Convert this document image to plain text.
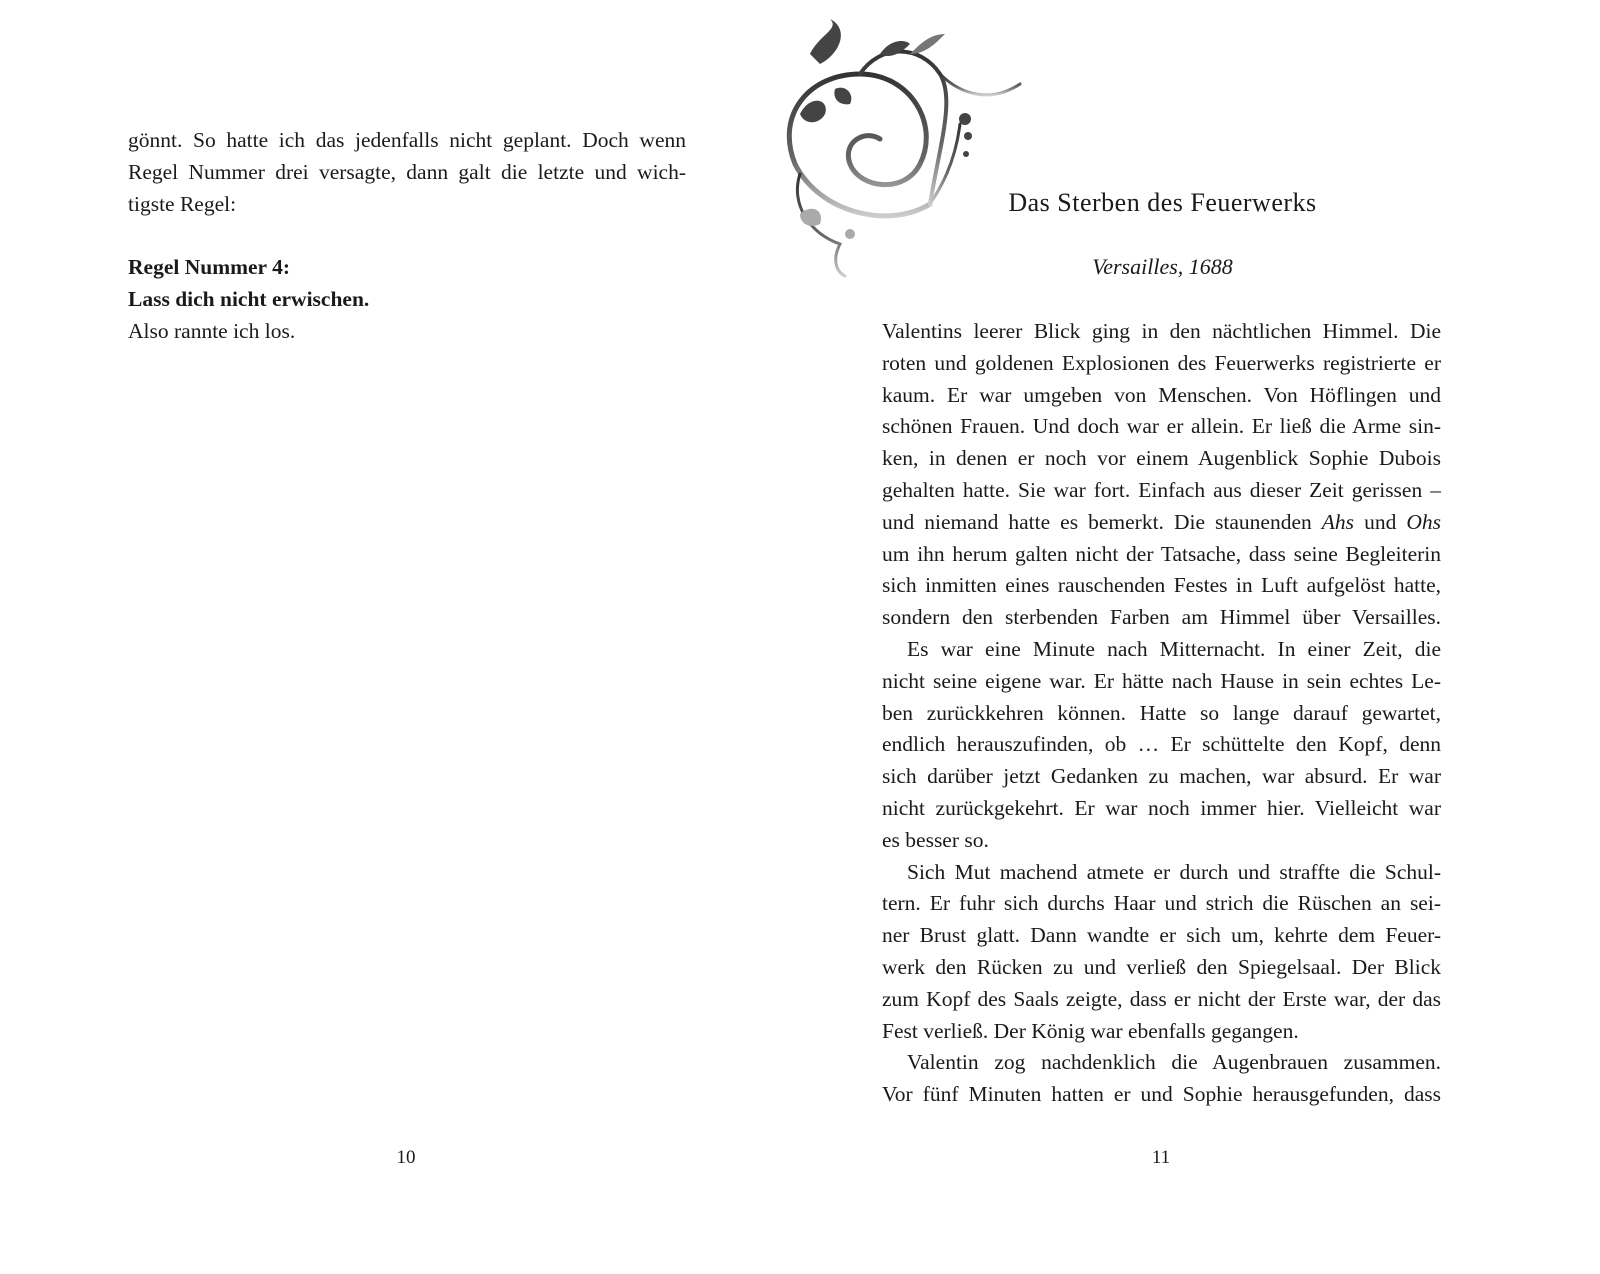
gönnt. So hatte ich das jedenfalls nicht geplant. Doch wenn
Regel Nummer drei versagte, dann galt die letzte und wich-
tigste Regel:
Regel Nummer 4:
Lass dich nicht erwischen.
Also rannte ich los.
10
Das Sterben des Feuerwerks
Versailles, 1688
Valentins leerer Blick ging in den nächtlichen Himmel. Die
roten und goldenen Explosionen des Feuerwerks registrierte er
kaum. Er war umgeben von Menschen. Von Höflingen und
schönen Frauen. Und doch war er allein. Er ließ die Arme sin-
ken, in denen er noch vor einem Augenblick Sophie Dubois
gehalten hatte. Sie war fort. Einfach aus dieser Zeit gerissen –
und niemand hatte es bemerkt. Die staunenden Ahs und Ohs
um ihn herum galten nicht der Tatsache, dass seine Begleiterin
sich inmitten eines rauschenden Festes in Luft aufgelöst hatte,
sondern den sterbenden Farben am Himmel über Versailles.
Es war eine Minute nach Mitternacht. In einer Zeit, die
nicht seine eigene war. Er hätte nach Hause in sein echtes Le-
ben zurückkehren können. Hatte so lange darauf gewartet,
endlich herauszufinden, ob … Er schüttelte den Kopf, denn
sich darüber jetzt Gedanken zu machen, war absurd. Er war
nicht zurückgekehrt. Er war noch immer hier. Vielleicht war
es besser so.
Sich Mut machend atmete er durch und straffte die Schul-
tern. Er fuhr sich durchs Haar und strich die Rüschen an sei-
ner Brust glatt. Dann wandte er sich um, kehrte dem Feuer-
werk den Rücken zu und verließ den Spiegelsaal. Der Blick
zum Kopf des Saals zeigte, dass er nicht der Erste war, der das
Fest verließ. Der König war ebenfalls gegangen.
Valentin zog nachdenklich die Augenbrauen zusammen.
Vor fünf Minuten hatten er und Sophie herausgefunden, dass
11
